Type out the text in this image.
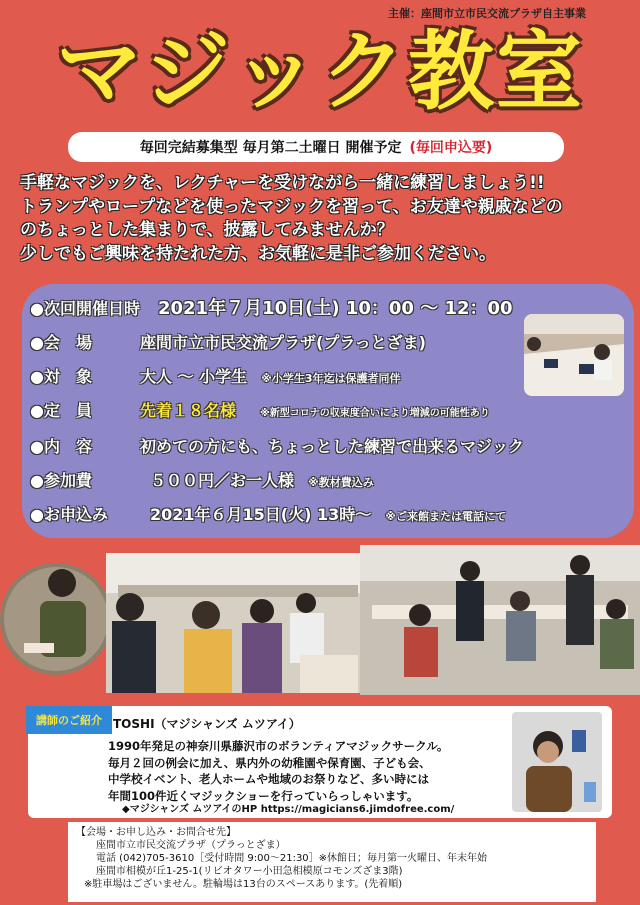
主催：座間市立市民交流プラザ自主事業
マジック教室
毎回完結募集型 毎月第二土曜日 開催予定 (毎回申込要)
手軽なマジックを、レクチャーを受けながら一緒に練習しましょう!!
トランプやロープなどを使ったマジックを習って、お友達や親戚などの
のちょっとした集まりで、披露してみませんか？
少しでもご興味を持たれた方、お気軽に是非ご参加ください。
●次回開催日時 2021年７月10日(土) 10：00 ～ 12：00
●会　場	座間市立市民交流プラザ(プラっとざま)
●対　象	大人 ～ 小学生 ※小学生3年迄は保護者同伴
●定　員	先着１８名様 ※新型コロナの収束度合いにより増減の可能性あり
●内　容	初めての方にも、ちょっとした練習で出来るマジック
●参加費	５００円／お一人様 ※教材費込み
●お申込み	2021年６月15日(火) 13時～ ※ご来館または電話にて
講師のご紹介 TOSHI（マジシャンズ ムツアイ）
1990年発足の神奈川県藤沢市のボランティアマジックサークル。
毎月２回の例会に加え、県内外の幼稚園や保育園、子ども会、
中学校イベント、老人ホームや地域のお祭りなど、多い時には
年間100件近くマジックショーを行っていらっしゃいます。
◆マジシャンズ ムツアイのHP https://magicians6.jimdofree.com/
【会場・お申し込み・お問合せ先】
座間市立市民交流プラザ（プラっとざま）
電話 (042)705-3610［受付時間 9:00～21:30］※休館日；毎月第一火曜日、年末年始
座間市相模が丘1-25-1(リビオタワー小田急相模原コモンズざま3階)
※駐車場はございません。駐輪場は13台のスペースあります。(先着順)
